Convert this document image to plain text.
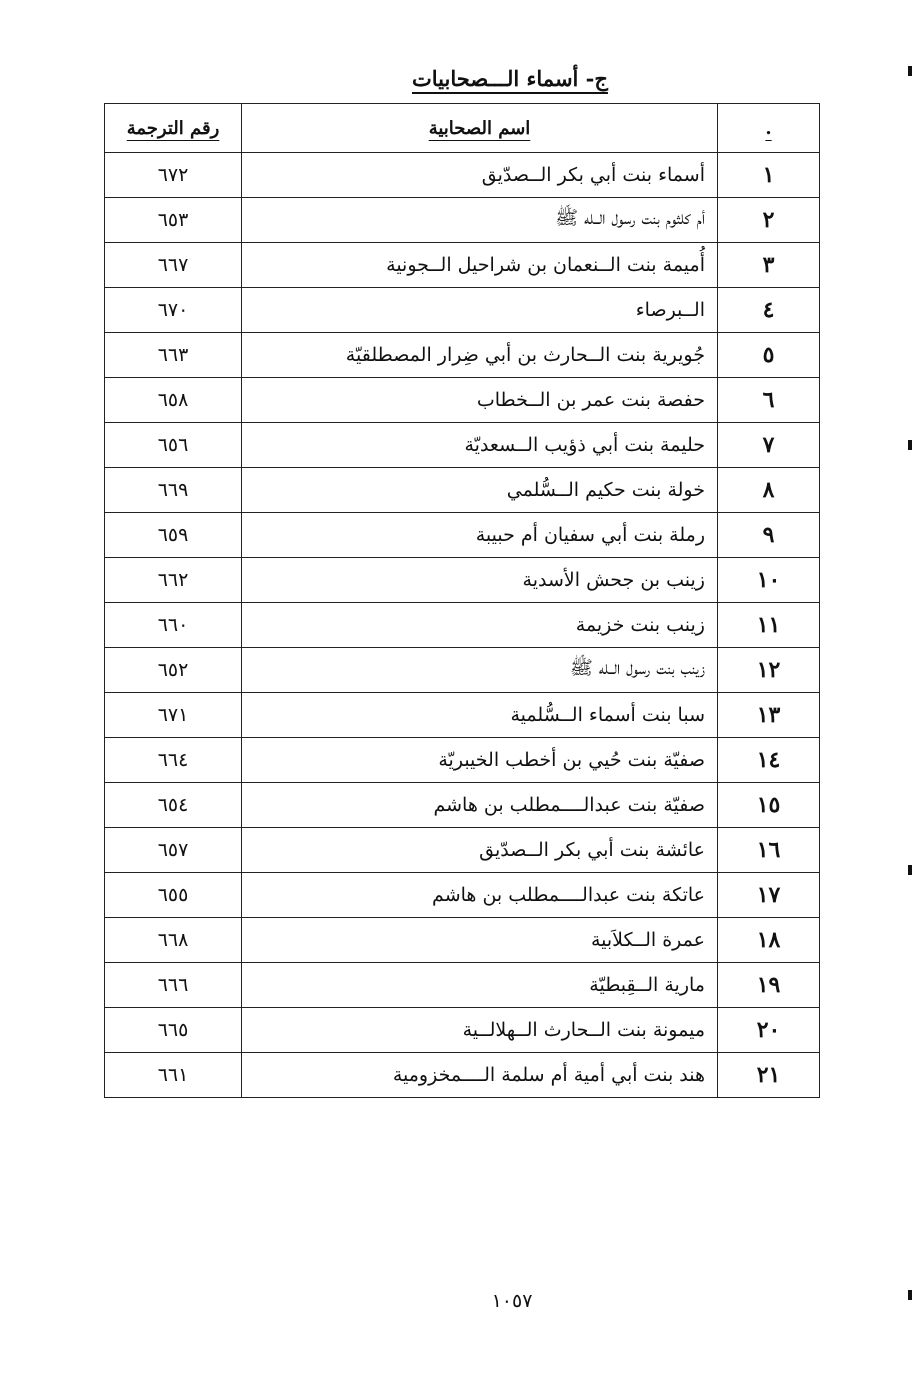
ج- أسماء الـــصحابيات
.
اسم الصحابية
رقم الترجمة
١
أسماء بنت أبي بكر الــصدّيق
٦٧٢
٢
أم كلثوم بنت رسول الــله ﷺ
٦٥٣
٣
أُميمة بنت الــنعمان بن شراحيل الــجونية
٦٦٧
٤
الــبرصاء
٦٧٠
٥
جُويرية بنت الــحارث بن أبي ضِرار المصطلقيّة
٦٦٣
٦
حفصة بنت عمر بن الــخطاب
٦٥٨
٧
حليمة بنت أبي ذؤيب الــسعديّة
٦٥٦
٨
خولة بنت حكيم الــسُّلمي
٦٦٩
٩
رملة بنت أبي سفيان أم حبيبة
٦٥٩
١٠
زينب بن جحش الأسدية
٦٦٢
١١
زينب بنت خزيمة
٦٦٠
١٢
زينب بنت رسول الــله ﷺ
٦٥٢
١٣
سبا بنت أسماء الــسُّلمية
٦٧١
١٤
صفيّة بنت حُيي بن أخطب الخيبريّة
٦٦٤
١٥
صفيّة بنت عبدالــــمطلب بن هاشم
٦٥٤
١٦
عائشة بنت أبي بكر الــصدّيق
٦٥٧
١٧
عاتكة بنت عبدالــــمطلب بن هاشم
٦٥٥
١٨
عمرة الــكلاَبية
٦٦٨
١٩
مارية الــقِبطيّة
٦٦٦
٢٠
ميمونة بنت الــحارث الــهلالــية
٦٦٥
٢١
هند بنت أبي أمية أم سلمة الــــمخزومية
٦٦١
١٠٥٧
